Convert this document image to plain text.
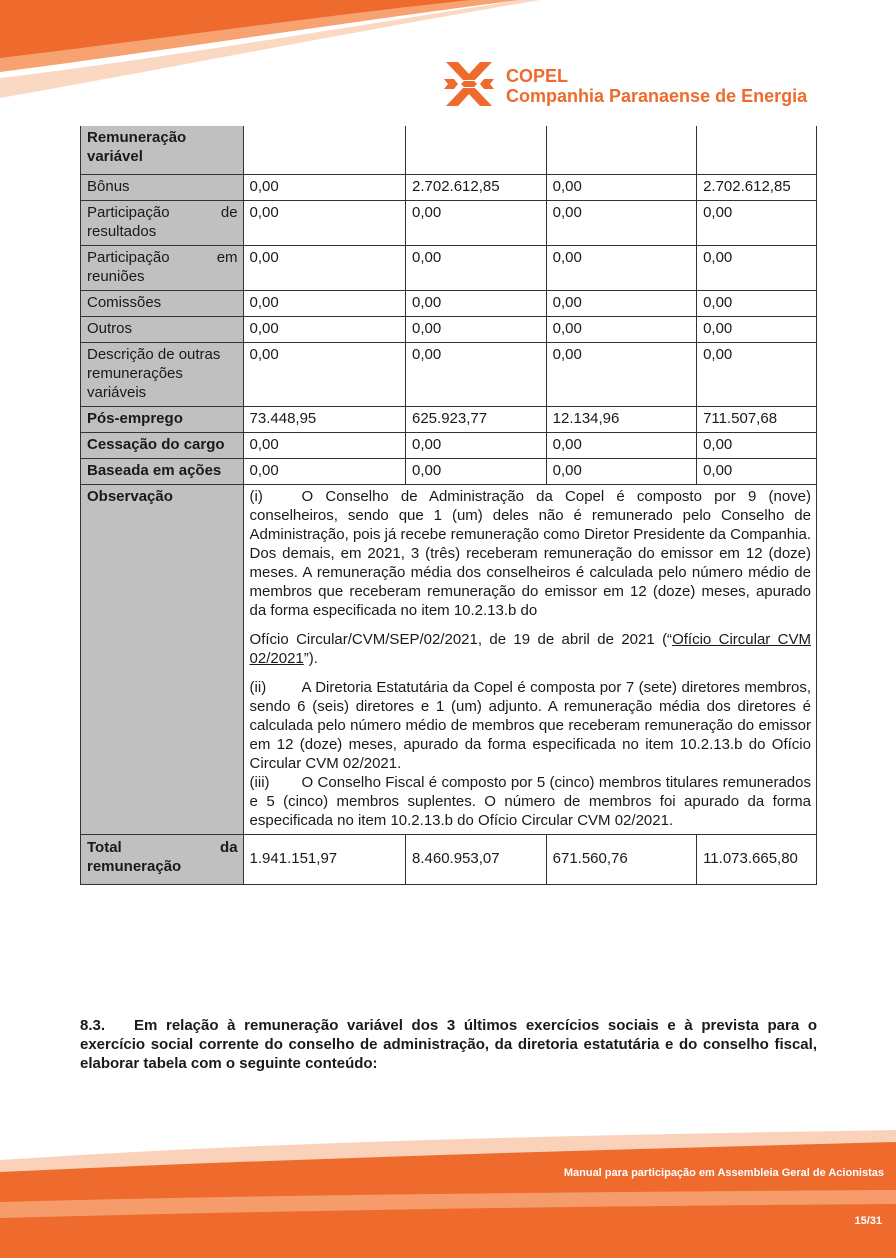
COPEL
Companhia Paranaense de Energia
Remuneração variável				
Bônus	0,00	2.702.612,85	0,00	2.702.612,85
Participação de resultados	0,00	0,00	0,00	0,00
Participação em reuniões	0,00	0,00	0,00	0,00
Comissões	0,00	0,00	0,00	0,00
Outros	0,00	0,00	0,00	0,00
Descrição de outras remunerações variáveis	0,00	0,00	0,00	0,00
Pós-emprego	73.448,95	625.923,77	12.134,96	711.507,68
Cessação do cargo	0,00	0,00	0,00	0,00
Baseada em ações	0,00	0,00	0,00	0,00
Observação	(i) O Conselho de Administração da Copel é composto por 9 (nove) conselheiros, sendo que 1 (um) deles não é remunerado pelo Conselho de Administração, pois já recebe remuneração como Diretor Presidente da Companhia. Dos demais, em 2021, 3 (três) receberam remuneração do emissor em 12 (doze) meses. A remuneração média dos conselheiros é calculada pelo número médio de membros que receberam remuneração do emissor em 12 (doze) meses, apurado da forma especificada no item 10.2.13.b do

Ofício Circular/CVM/SEP/02/2021, de 19 de abril de 2021 (“Ofício Circular CVM 02/2021”).

(ii) A Diretoria Estatutária da Copel é composta por 7 (sete) diretores membros, sendo 6 (seis) diretores e 1 (um) adjunto. A remuneração média dos diretores é calculada pelo número médio de membros que receberam remuneração do emissor em 12 (doze) meses, apurado da forma especificada no item 10.2.13.b do Ofício Circular CVM 02/2021.

(iii) O Conselho Fiscal é composto por 5 (cinco) membros titulares remunerados e 5 (cinco) membros suplentes. O número de membros foi apurado da forma especificada no item 10.2.13.b do Ofício Circular CVM 02/2021.			

Total da remuneração	1.941.151,97	8.460.953,07	671.560,76	11.073.665,80

8.3. Em relação à remuneração variável dos 3 últimos exercícios sociais e à prevista para o exercício social corrente do conselho de administração, da diretoria estatutária e do conselho fiscal, elaborar tabela com o seguinte conteúdo:

Manual para participação em Assembleia Geral de Acionistas
15/31
